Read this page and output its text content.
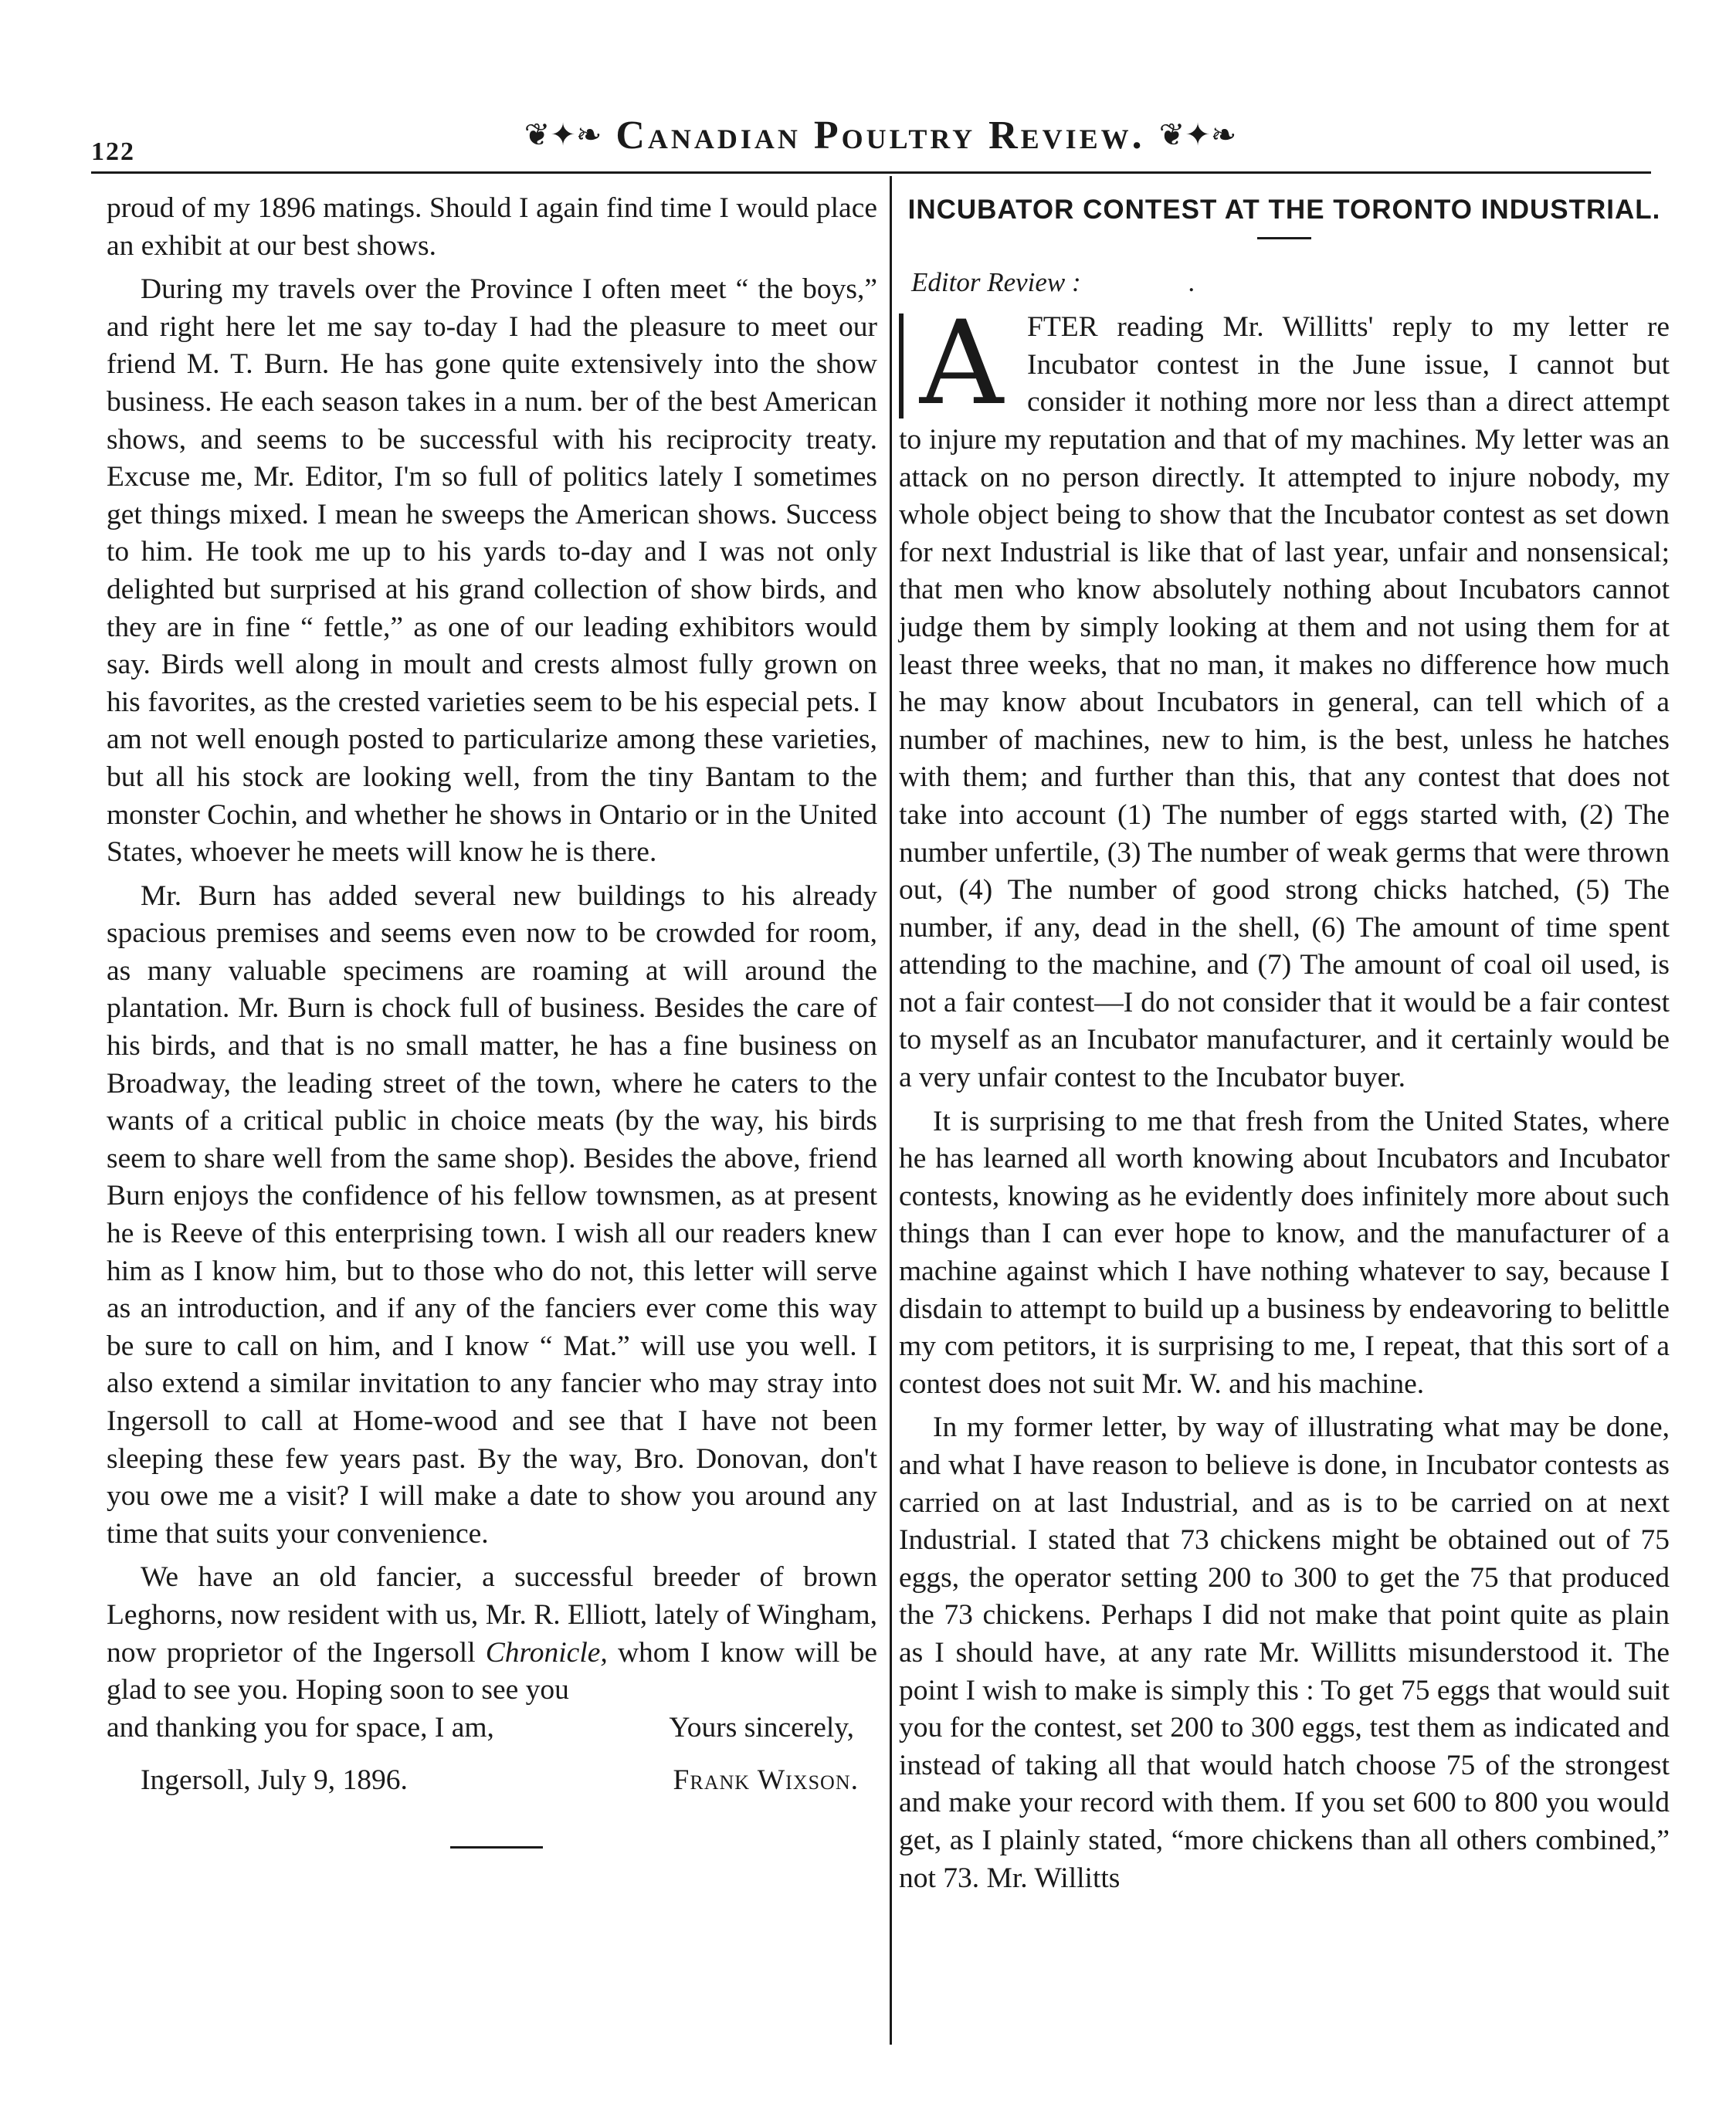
122	❦✦❧ Canadian Poultry Review. ❦✦❧

proud of my 1896 matings. Should I again find time I would place an exhibit at our best shows.

During my travels over the Province I often meet “ the boys,” and right here let me say to-day I had the pleasure to meet our friend M. T. Burn. He has gone quite extensively into the show business. He each season takes in a num. ber of the best American shows, and seems to be successful with his reciprocity treaty. Excuse me, Mr. Editor, I'm so full of politics lately I sometimes get things mixed. I mean he sweeps the American shows. Success to him. He took me up to his yards to-day and I was not only delighted but surprised at his grand collection of show birds, and they are in fine “ fettle,” as one of our leading exhibitors would say. Birds well along in moult and crests almost fully grown on his favorites, as the crested varieties seem to be his especial pets. I am not well enough posted to particularize among these varieties, but all his stock are looking well, from the tiny Bantam to the monster Cochin, and whether he shows in Ontario or in the United States, whoever he meets will know he is there.

Mr. Burn has added several new buildings to his already spacious premises and seems even now to be crowded for room, as many valuable specimens are roaming at will around the plantation. Mr. Burn is chock full of business. Besides the care of his birds, and that is no small matter, he has a fine business on Broadway, the leading street of the town, where he caters to the wants of a critical public in choice meats (by the way, his birds seem to share well from the same shop). Besides the above, friend Burn enjoys the confidence of his fellow townsmen, as at present he is Reeve of this enterprising town. I wish all our readers knew him as I know him, but to those who do not, this letter will serve as an introduction, and if any of the fanciers ever come this way be sure to call on him, and I know “ Mat.” will use you well. I also extend a similar invitation to any fancier who may stray into Ingersoll to call at Home-wood and see that I have not been sleeping these few years past. By the way, Bro. Donovan, don't you owe me a visit? I will make a date to show you around any time that suits your convenience.

We have an old fancier, a successful breeder of brown Leghorns, now resident with us, Mr. R. Elliott, lately of Wingham, now proprietor of the Ingersoll Chronicle, whom I know will be glad to see you. Hoping soon to see you

and thanking you for space, I am,	Yours sincerely,
Ingersoll, July 9, 1896.	Frank Wixson.
INCUBATOR CONTEST AT THE TORONTO INDUSTRIAL.
Editor Review :	.

A FTER reading Mr. Willitts' reply to my letter re Incubator contest in the June issue, I cannot but consider it nothing more nor less than a direct attempt to injure my reputation and that of my machines. My letter was an attack on no person directly. It attempted to injure nobody, my whole object being to show that the Incubator contest as set down for next Industrial is like that of last year, unfair and nonsensical; that men who know absolutely nothing about Incubators cannot judge them by simply looking at them and not using them for at least three weeks, that no man, it makes no difference how much he may know about Incubators in general, can tell which of a number of machines, new to him, is the best, unless he hatches with them; and further than this, that any contest that does not take into account (1) The number of eggs started with, (2) The number unfertile, (3) The number of weak germs that were thrown out, (4) The number of good strong chicks hatched, (5) The number, if any, dead in the shell, (6) The amount of time spent attending to the machine, and (7) The amount of coal oil used, is not a fair contest—I do not consider that it would be a fair contest to myself as an Incubator manufacturer, and it certainly would be a very unfair contest to the Incubator buyer.

It is surprising to me that fresh from the United States, where he has learned all worth knowing about Incubators and Incubator contests, knowing as he evidently does infinitely more about such things than I can ever hope to know, and the manufacturer of a machine against which I have nothing whatever to say, because I disdain to attempt to build up a business by endeavoring to belittle my com petitors, it is surprising to me, I repeat, that this sort of a contest does not suit Mr. W. and his machine.

In my former letter, by way of illustrating what may be done, and what I have reason to believe is done, in Incubator contests as carried on at last Industrial, and as is to be carried on at next Industrial. I stated that 73 chickens might be obtained out of 75 eggs, the operator setting 200 to 300 to get the 75 that produced the 73 chickens. Perhaps I did not make that point quite as plain as I should have, at any rate Mr. Willitts misunderstood it. The point I wish to make is simply this : To get 75 eggs that would suit you for the contest, set 200 to 300 eggs, test them as indicated and instead of taking all that would hatch choose 75 of the strongest and make your record with them. If you set 600 to 800 you would get, as I plainly stated, “more chickens than all others combined,” not 73. Mr. Willitts
